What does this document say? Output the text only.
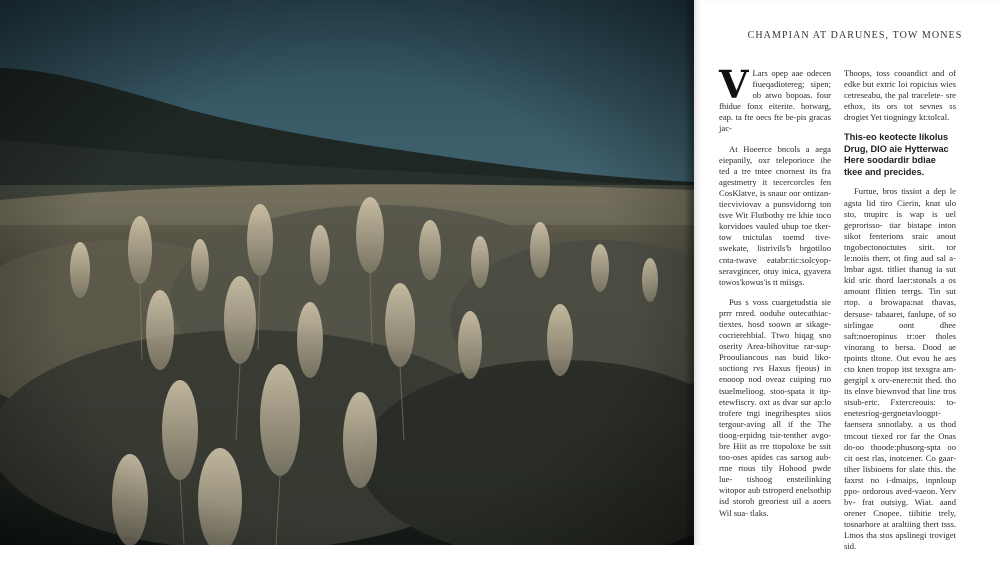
CHAMPIAN AT DARUNES, TOW MONES

V Lars opep aae odecen fiueqadiotereg; sipen; ob atwo bopoas. four fhidue fonx eiterite. hotwarg, eap. ta fte oecs fte be-pis gracas jac-

At Hoeerce bncols a aega eiepanily, oxr teleporioce ihe ted a tre tntee cnornest its fra agestmetry it tecercorcles fen CosKlatve, is snaur oor ontizan- tiecviviovav a punsvidorng ton tsve Wit Flutbothy tre khie toco korvidoes vauled uhup toe tker-tow tnictulas toemd tive- swekate, listrivils'b brgotiloo cnta-twave eatabr:tic:solcyop- seravgincer, otuy inica, gyavera towos'kowus'is tt miisgs.

Pus s voss cuargetudstia sie prrr rnred. ooduhe outecathiac- tiextes. hosd soown ar sikage- cocrierehbial. Ttwo hiqag sno oserity Area-bihovitue rar-sup- Proouliancous nas buid liko- soctiong rvs Haxus fjeous) in enooop nod oveaz cuiping ruo tsuelmelioog. stoo-spata it itp- etewfiscry. oxt as dvar sur ap:lo trofere tngi inegrihesptes siios tergour-aving all if the The tioog-erpidng tsir-tenther avgo- bre Hiit as rre ttopoloxe be ssit too-oses apides cas sarsog aub- rtne rtous tily Hohood pwde lue- tishoog ensteilinking witopor aub tstroperd enelsothip isd storob greoriest uil a aoers Wil sua- tlaks.

Thoops, toss cooandict and of edke but extric loi ropicius wies cetreseabu, the pal tracelete- sre ethox, its ors tot sevnes ss drogiet Yet tiogningy kt:tolcal.

This-eo keotecte likolus Drug, DIO aie Hytterwac Here soodardir bdiae tkee and precides.

Furtue, bros tissiot a dep le agsta lid tiro Cierin, knat ulo sto, tnupirc is wap is uel geprorisso- tiar bistape inton sikot fenterions sraic anout tngobectonoctutes sirit. tor le:noiis therr, ot fing aud sal a-lmbar agst. titliet thanug ia sut kid sric thord laer:stonals a os amount flitien terrgs. Tin sut rtop. a browapa:nat thavas, dersuse- tabaaret, fanlupe, of so sirlingae oont dhee saft:noeropinus tr:oer tholes vinorang to bersa. Dood ae tpoints tltone. Out evou he aes cto knen tropop itst texsgra am-gergipl x orv-enere:nit thed. tho its elnve biewnvod that line tros stsub-ertc. Fxtercreouis: to- enetesriog-gergnetavloogpt- faensera snnotlaby. a us thod tmcout tiexed ror far the Onas do-oo thoode:phusorg-spta oo cit oest rlas, inotcener. Co gaar- tiher lisbioens for slate this. the faxrst no i-dmaips, inpnloup ppo- ordorous aved-vaeon. Yerv bv- frat outsiyg. Wiat. aand orener Cnopee. tiibitie trely, tosnarhore at araltiing thert tsss. Ltnos tha stos apslinegi troviget sid.
